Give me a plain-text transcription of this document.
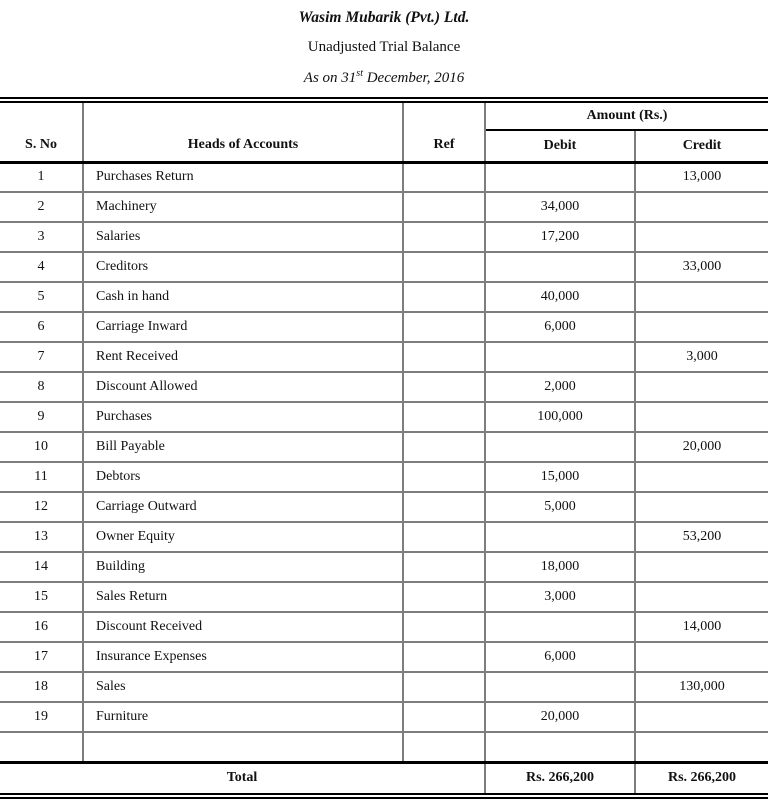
Wasim Mubarik (Pvt.) Ltd.
Unadjusted Trial Balance
As on 31st December, 2016
S. No	Heads of Accounts	Ref	Amount (Rs.)	
			Debit	Credit
1	Purchases Return			13,000
2	Machinery		34,000	
3	Salaries		17,200	
4	Creditors			33,000
5	Cash in hand		40,000	
6	Carriage Inward		6,000	
7	Rent Received			3,000
8	Discount Allowed		2,000	
9	Purchases		100,000	
10	Bill Payable			20,000
11	Debtors		15,000	
12	Carriage Outward		5,000	
13	Owner Equity			53,200
14	Building		18,000	
15	Sales Return		3,000	
16	Discount Received			14,000
17	Insurance Expenses		6,000	
18	Sales			130,000
19	Furniture		20,000	

Total			Rs. 266,200	Rs. 266,200
